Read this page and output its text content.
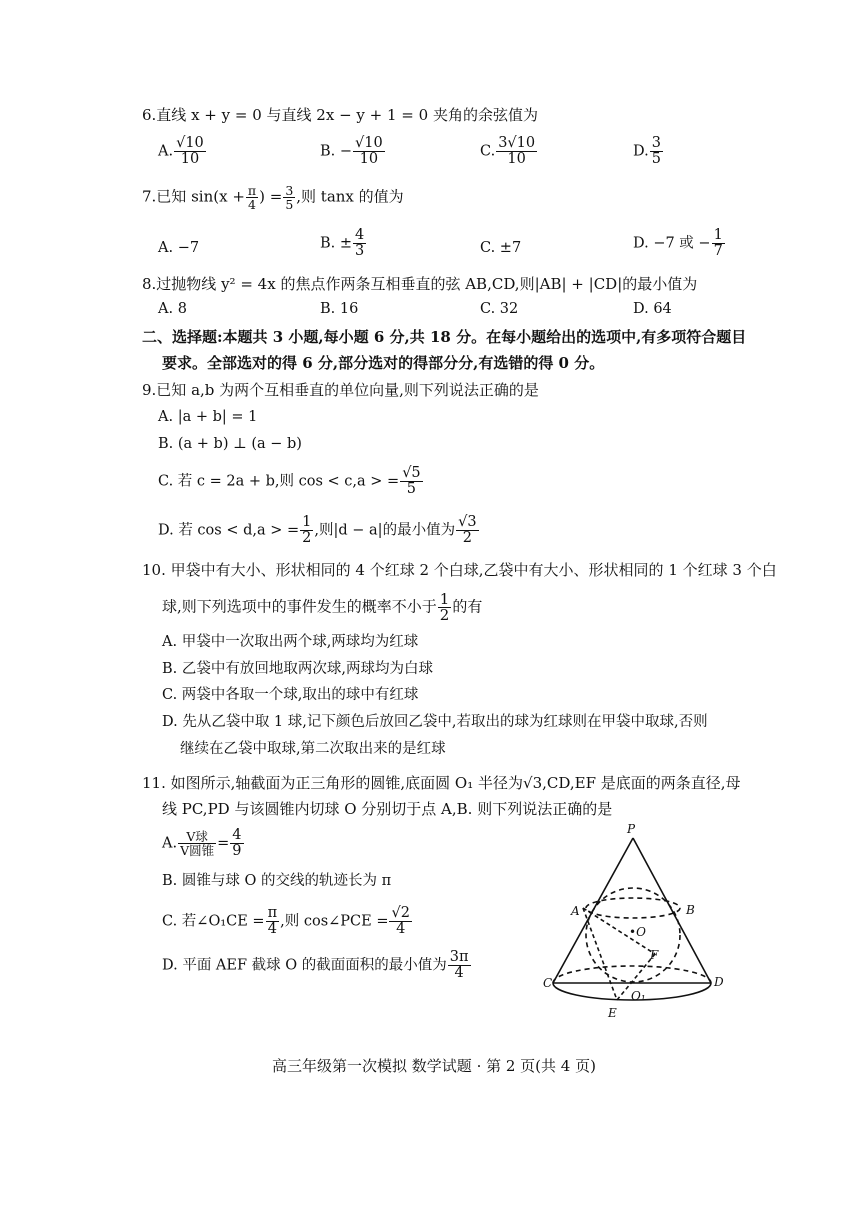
6.直线 x + y = 0 与直线 2x − y + 1 = 0 夹角的余弦值为
A. $\frac{√10}{10}$	B. − $\frac{√10}{10}$	C. $\frac{3√10}{10}$	D. $\frac{3}{5}$
7.已知 $\sin(x + \frac{\pi}{4}$ ) = $\frac{3}{5}$ ,则 tanx 的值为
A. −7	B. ± $\frac{4}{3}$	C. ±7	D. −7 或 − $\frac{1}{7}$
8.过抛物线 y² = 4x 的焦点作两条互相垂直的弦 AB,CD,则|AB| + |CD|的最小值为
A. 8	B. 16	C. 32	D. 64
二、选择题:本题共 3 小题,每小题 6 分,共 18 分。在每小题给出的选项中,有多项符合题目
要求。全部选对的得 6 分,部分选对的得部分分,有选错的得 0 分。
9.已知 a,b 为两个互相垂直的单位向量,则下列说法正确的是
A. |a + b| = 1
B. (a + b) ⊥ (a − b)
C. 若 c = 2a + b,则 cos < c,a > = $\frac{√5}{5}$
D. 若 cos < d,a > = $\frac{1}{2}$ ,则|d − a|的最小值为 $\frac{√3}{2}$
10. 甲袋中有大小、形状相同的 4 个红球 2 个白球,乙袋中有大小、形状相同的 1 个红球 3 个白
球,则下列选项中的事件发生的概率不小于 $\frac{1}{2}$ 的有
A. 甲袋中一次取出两个球,两球均为红球
B. 乙袋中有放回地取两次球,两球均为白球
C. 两袋中各取一个球,取出的球中有红球
D. 先从乙袋中取 1 球,记下颜色后放回乙袋中,若取出的球为红球则在甲袋中取球,否则
继续在乙袋中取球,第二次取出来的是红球
11. 如图所示,轴截面为正三角形的圆锥,底面圆 O₁ 半径为√3,CD,EF 是底面的两条直径,母
线 PC,PD 与该圆锥内切球 O 分别切于点 A,B. 则下列说法正确的是
A. $\frac{\text{V球}}{\text{V圆锥}} = \frac{4}{9}$
B. 圆锥与球 O 的交线的轨迹长为 π
C. 若∠O₁CE = $\frac{\pi}{4}$ ,则 cos∠PCE = $\frac{√2}{4}$
D. 平面 AEF 截球 O 的截面面积的最小值为 $\frac{3\pi}{4}$
P
A	B
•O
F
C	D
O₁
E
高三年级第一次模拟 数学试题 · 第 2 页(共 4 页)
